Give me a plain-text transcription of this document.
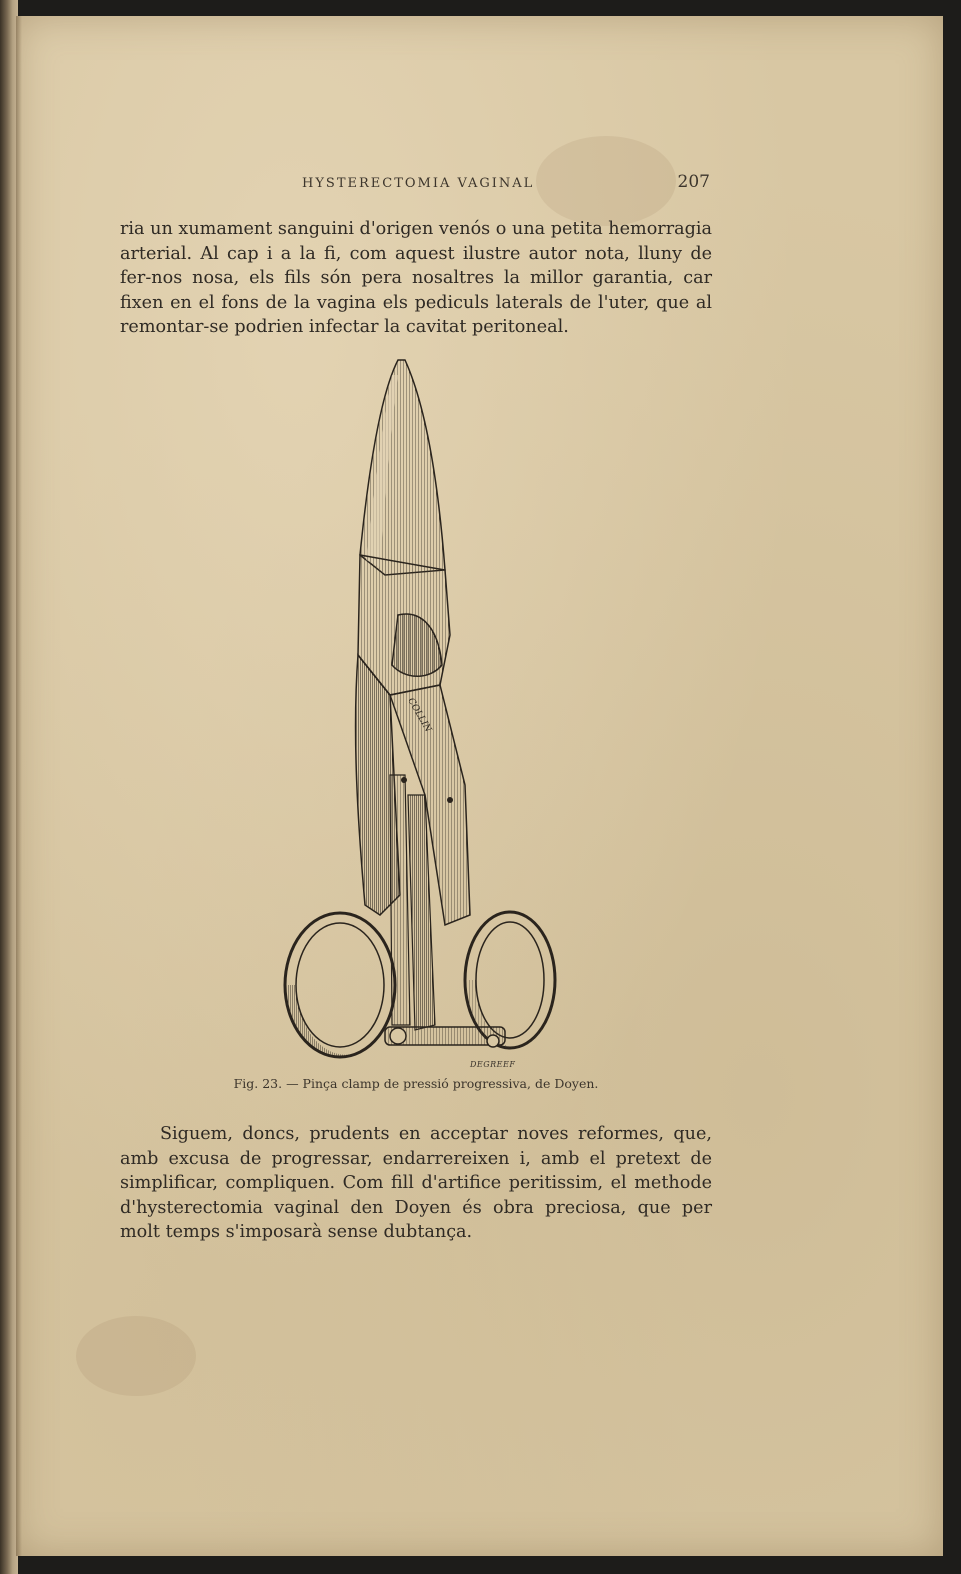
HYSTERECTOMIA VAGINAL	207

ria un xumament sanguini d'origen venós o una petita hemorragia arterial. Al cap i a la fi, com aquest ilustre autor nota, lluny de fer-nos nosa, els fils són pera nosaltres la millor garantia, car fixen en el fons de la vagina els pediculs laterals de l'uter, que al remontar-se podrien infectar la cavitat peritoneal.

DEGREEF
Fig. 23. — Pinça clamp de pressió progressiva, de Doyen.

Siguem, doncs, prudents en acceptar noves reformes, que, amb excusa de progressar, endarrereixen i, amb el pretext de simplificar, compliquen. Com fill d'artifice peritissim, el methode d'hysterectomia vaginal den Doyen és obra preciosa, que per molt temps s'imposarà sense dubtança.
